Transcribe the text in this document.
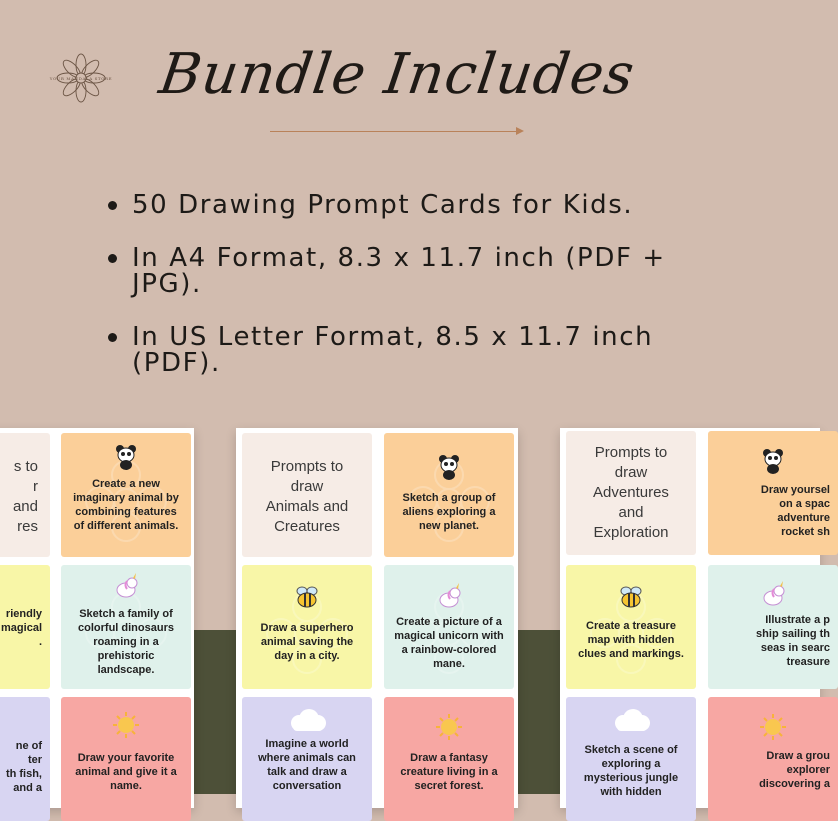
YOUR MANDALA STORE Bundle Includes
50 Drawing Prompt Cards for Kids.
In A4 Format, 8.3 x 11.7 inch (PDF + JPG).
In US Letter Format, 8.5 x 11.7 inch (PDF).
s to
r
and
res
Create a new imaginary animal by combining features of different animals.
riendly
magical
.
Sketch a family of colorful dinosaurs roaming in a prehistoric landscape.
ne of
ter
th fish,
and a
Draw your favorite animal and give it a name.
Prompts to
draw
Animals and
Creatures
Sketch a group of aliens exploring a new planet.
Draw a superhero animal saving the day in a city.
Create a picture of a magical unicorn with a rainbow-colored mane.
Imagine a world where animals can talk and draw a conversation
Draw a fantasy creature living in a secret forest.
Prompts to
draw
Adventures
and
Exploration
Draw yoursel
on a spac
adventure
rocket sh
Create a treasure map with hidden clues and markings.
Illustrate a p
ship sailing th
seas in searc
treasure
Sketch a scene of exploring a mysterious jungle with hidden
Draw a grou
explorer
discovering a
